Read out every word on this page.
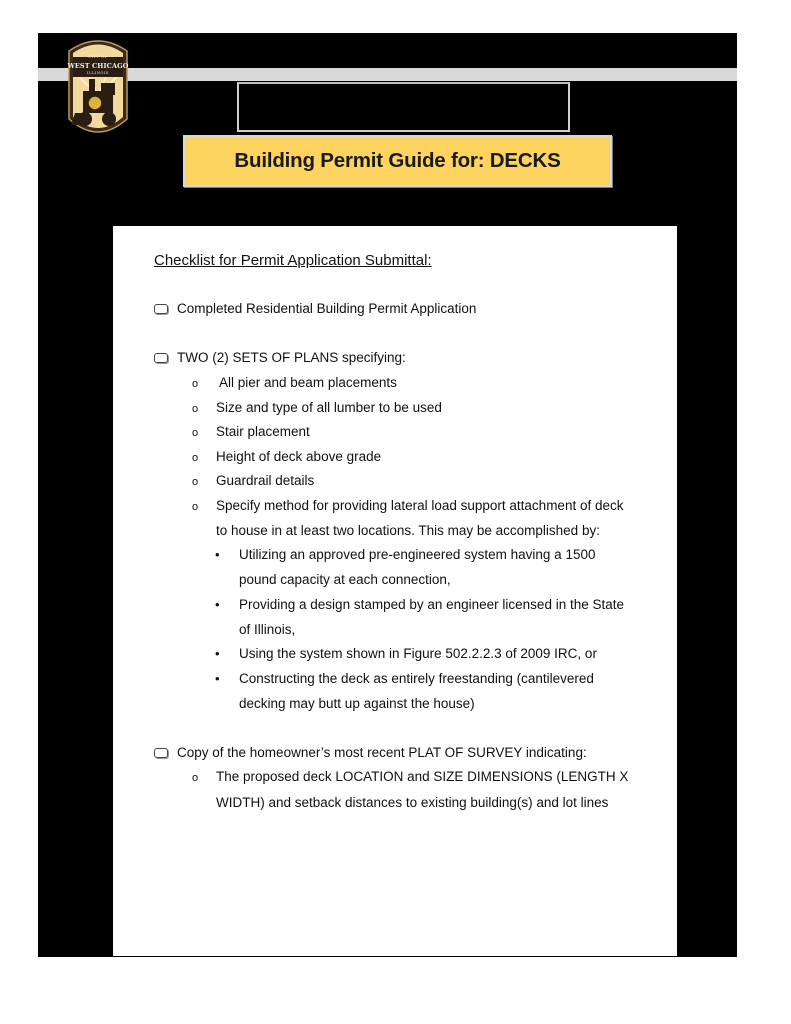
CITY OF
WEST CHICAGO
ILLINOIS
Building Permit Guide for: DECKS
Checklist for Permit Application Submittal:
Completed Residential Building Permit Application
TWO (2) SETS OF PLANS specifying:
o All pier and beam placements
o Size and type of all lumber to be used
o Stair placement
o Height of deck above grade
o Guardrail details
o Specify method for providing lateral load support attachment of deck
to house in at least two locations. This may be accomplished by:
• Utilizing an approved pre-engineered system having a 1500
pound capacity at each connection,
• Providing a design stamped by an engineer licensed in the State
of Illinois,
• Using the system shown in Figure 502.2.2.3 of 2009 IRC, or
• Constructing the deck as entirely freestanding (cantilevered
decking may butt up against the house)
Copy of the homeowner’s most recent PLAT OF SURVEY indicating:
o The proposed deck LOCATION and SIZE DIMENSIONS (LENGTH X
WIDTH) and setback distances to existing building(s) and lot lines
